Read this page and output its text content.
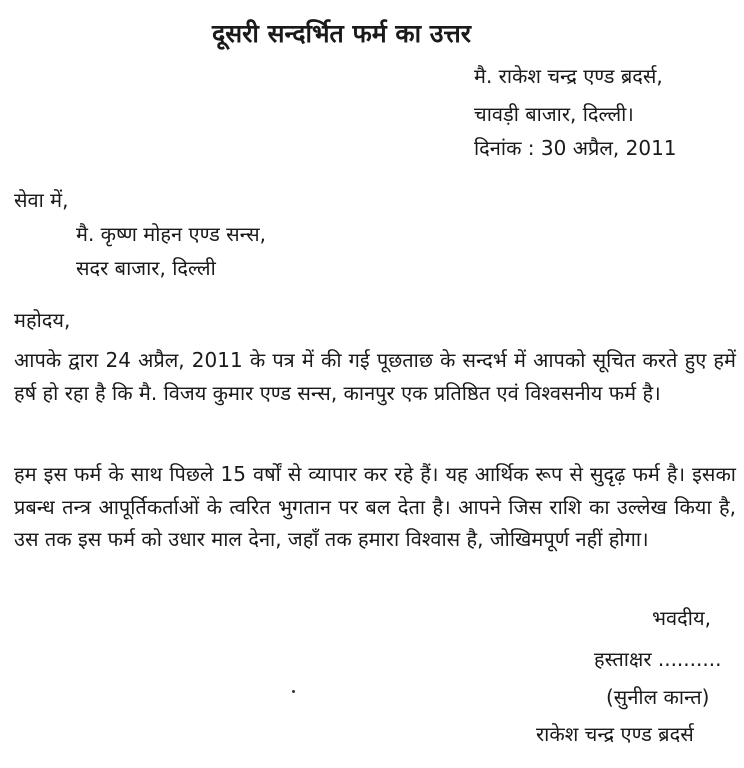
दूसरी सन्दर्भित फर्म का उत्तर
मै. राकेश चन्द्र एण्ड ब्रदर्स,
चावड़ी बाजार, दिल्ली।
दिनांक : 30 अप्रैल, 2011
सेवा में,
मै. कृष्ण मोहन एण्ड सन्स,
सदर बाजार, दिल्ली
महोदय,
आपके द्वारा 24 अप्रैल, 2011 के पत्र में की गई पूछताछ के सन्दर्भ में आपको सूचित करते हुए हमें हर्ष हो रहा है कि मै. विजय कुमार एण्ड सन्स, कानपुर एक प्रतिष्ठित एवं विश्वसनीय फर्म है।
हम इस फर्म के साथ पिछले 15 वर्षों से व्यापार कर रहे हैं। यह आर्थिक रूप से सुदृढ़ फर्म है। इसका प्रबन्ध तन्त्र आपूर्तिकर्ताओं के त्वरित भुगतान पर बल देता है। आपने जिस राशि का उल्लेख किया है, उस तक इस फर्म को उधार माल देना, जहाँ तक हमारा विश्वास है, जोखिमपूर्ण नहीं होगा।
भवदीय,
हस्ताक्षर ..........
(सुनील कान्त)
राकेश चन्द्र एण्ड ब्रदर्स
